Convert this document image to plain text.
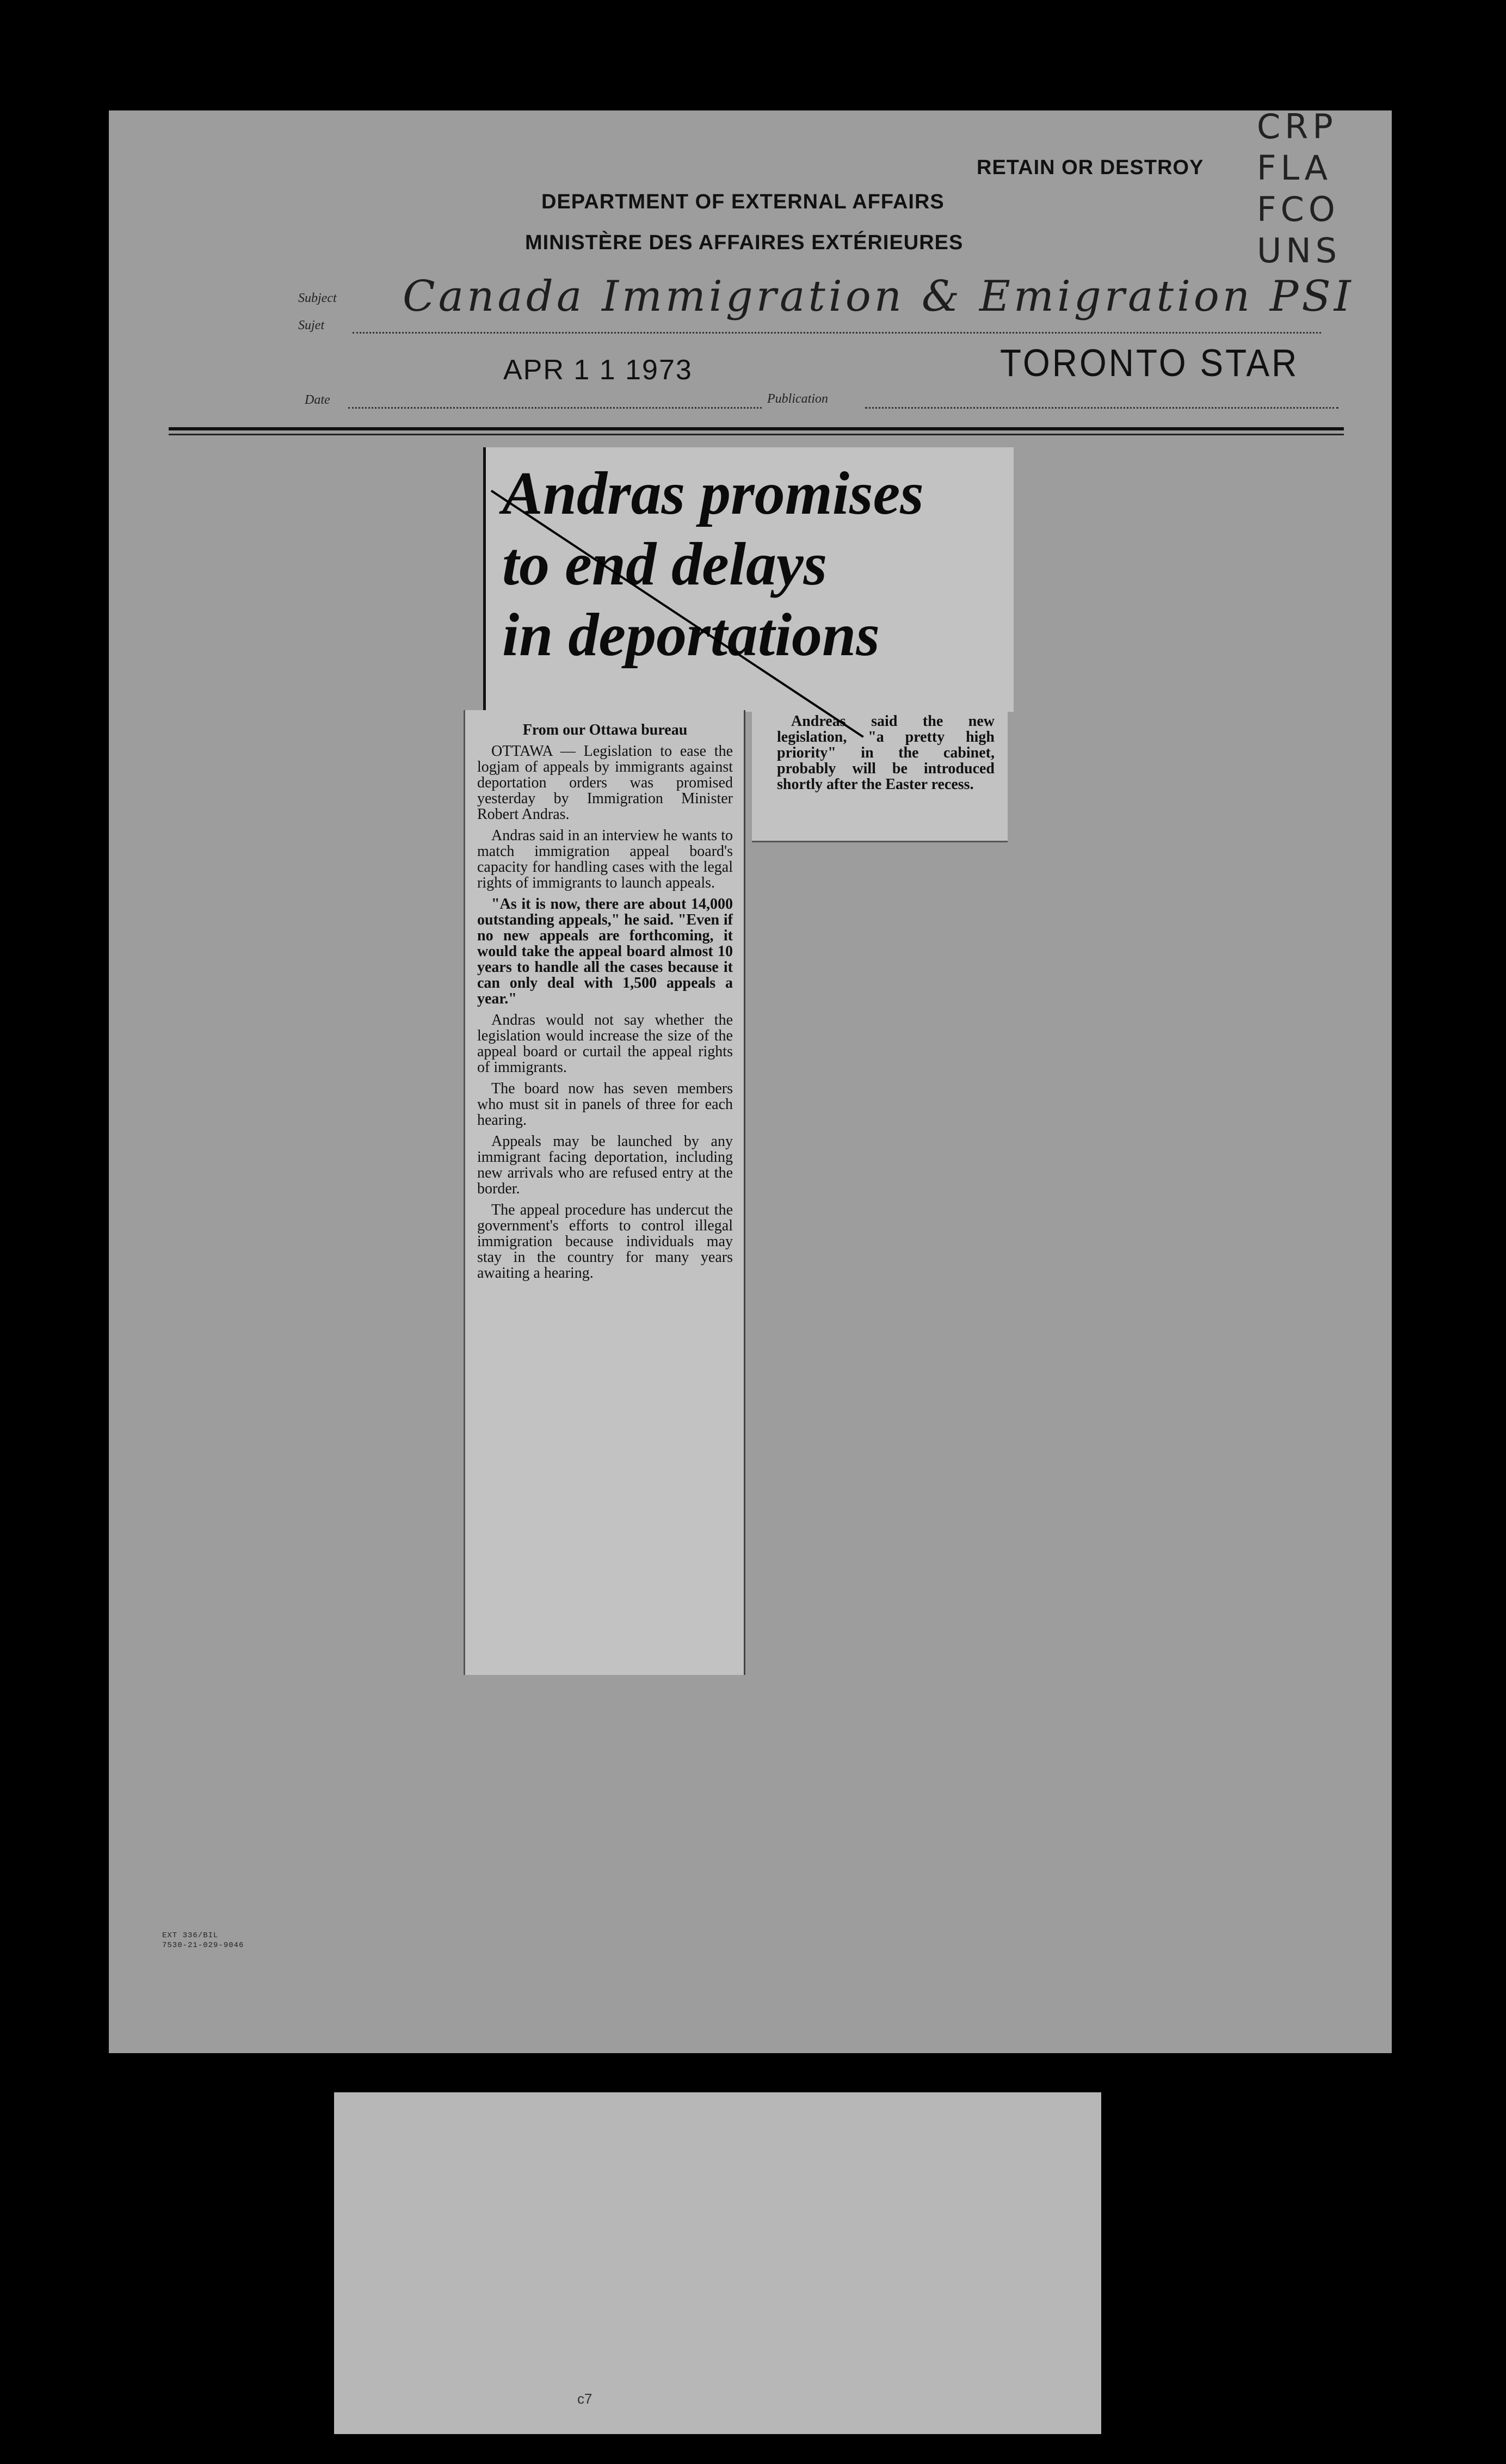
RETAIN OR DESTROY
DEPARTMENT OF EXTERNAL AFFAIRS
MINISTÈRE DES AFFAIRES EXTÉRIEURES
CRP
FLA
FCO
UNS
Subject
Sujet
Canada Immigration & Emigration PSI
APR 1 1 1973	TORONTO STAR
Date	Publication
Andras promises
to end delays
in deportations

From our Ottawa bureau

OTTAWA — Legislation to ease the logjam of appeals by immigrants against deportation orders was promised yesterday by Immigration Minister Robert Andras.

Andras said in an interview he wants to match immigration appeal board's capacity for handling cases with the legal rights of immigrants to launch appeals.

"As it is now, there are about 14,000 outstanding appeals," he said. "Even if no new appeals are forthcoming, it would take the appeal board almost 10 years to handle all the cases because it can only deal with 1,500 appeals a year."

Andras would not say whether the legislation would increase the size of the appeal board or curtail the appeal rights of immigrants.

The board now has seven members who must sit in panels of three for each hearing.

Appeals may be launched by any immigrant facing deportation, including new arrivals who are refused entry at the border.

The appeal procedure has undercut the government's efforts to control illegal immigration because individuals may stay in the country for many years awaiting a hearing.

Andreas said the new legislation, "a pretty high priority" in the cabinet, probably will be introduced shortly after the Easter recess.

EXT 336/BIL
7530-21-029-9046
c7
